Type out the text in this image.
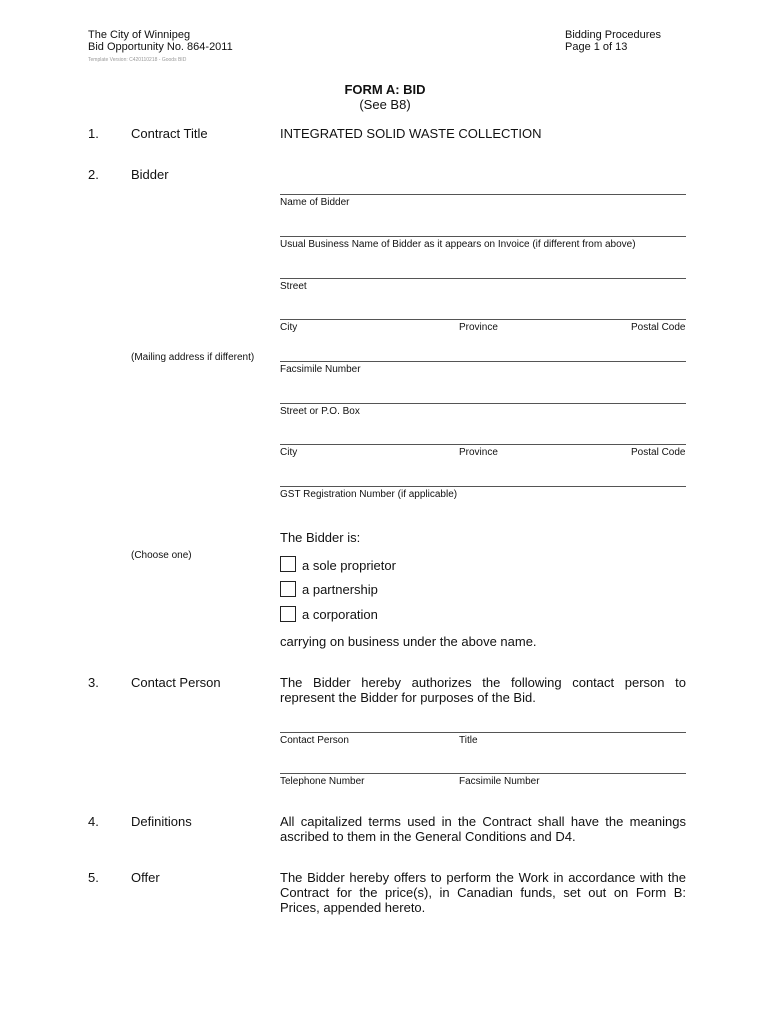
The City of Winnipeg
Bid Opportunity No. 864-2011
Bidding Procedures
Page 1 of 13
Template Version: C420110218 - Goods BID
FORM A: BID
(See B8)
1. Contract Title	INTEGRATED SOLID WASTE COLLECTION
2. Bidder
Name of Bidder
Usual Business Name of Bidder as it appears on Invoice (if different from above)
Street
City	Province	Postal Code
(Mailing address if different)
Facsimile Number
Street or P.O. Box
City	Province	Postal Code
GST Registration Number (if applicable)
The Bidder is:
(Choose one)
a sole proprietor
a partnership
a corporation
carrying on business under the above name.
3. Contact Person	The Bidder hereby authorizes the following contact person to represent the Bidder for purposes of the Bid.
Contact Person	Title
Telephone Number	Facsimile Number
4. Definitions	All capitalized terms used in the Contract shall have the meanings ascribed to them in the General Conditions and D4.
5. Offer	The Bidder hereby offers to perform the Work in accordance with the Contract for the price(s), in Canadian funds, set out on Form B: Prices, appended hereto.
